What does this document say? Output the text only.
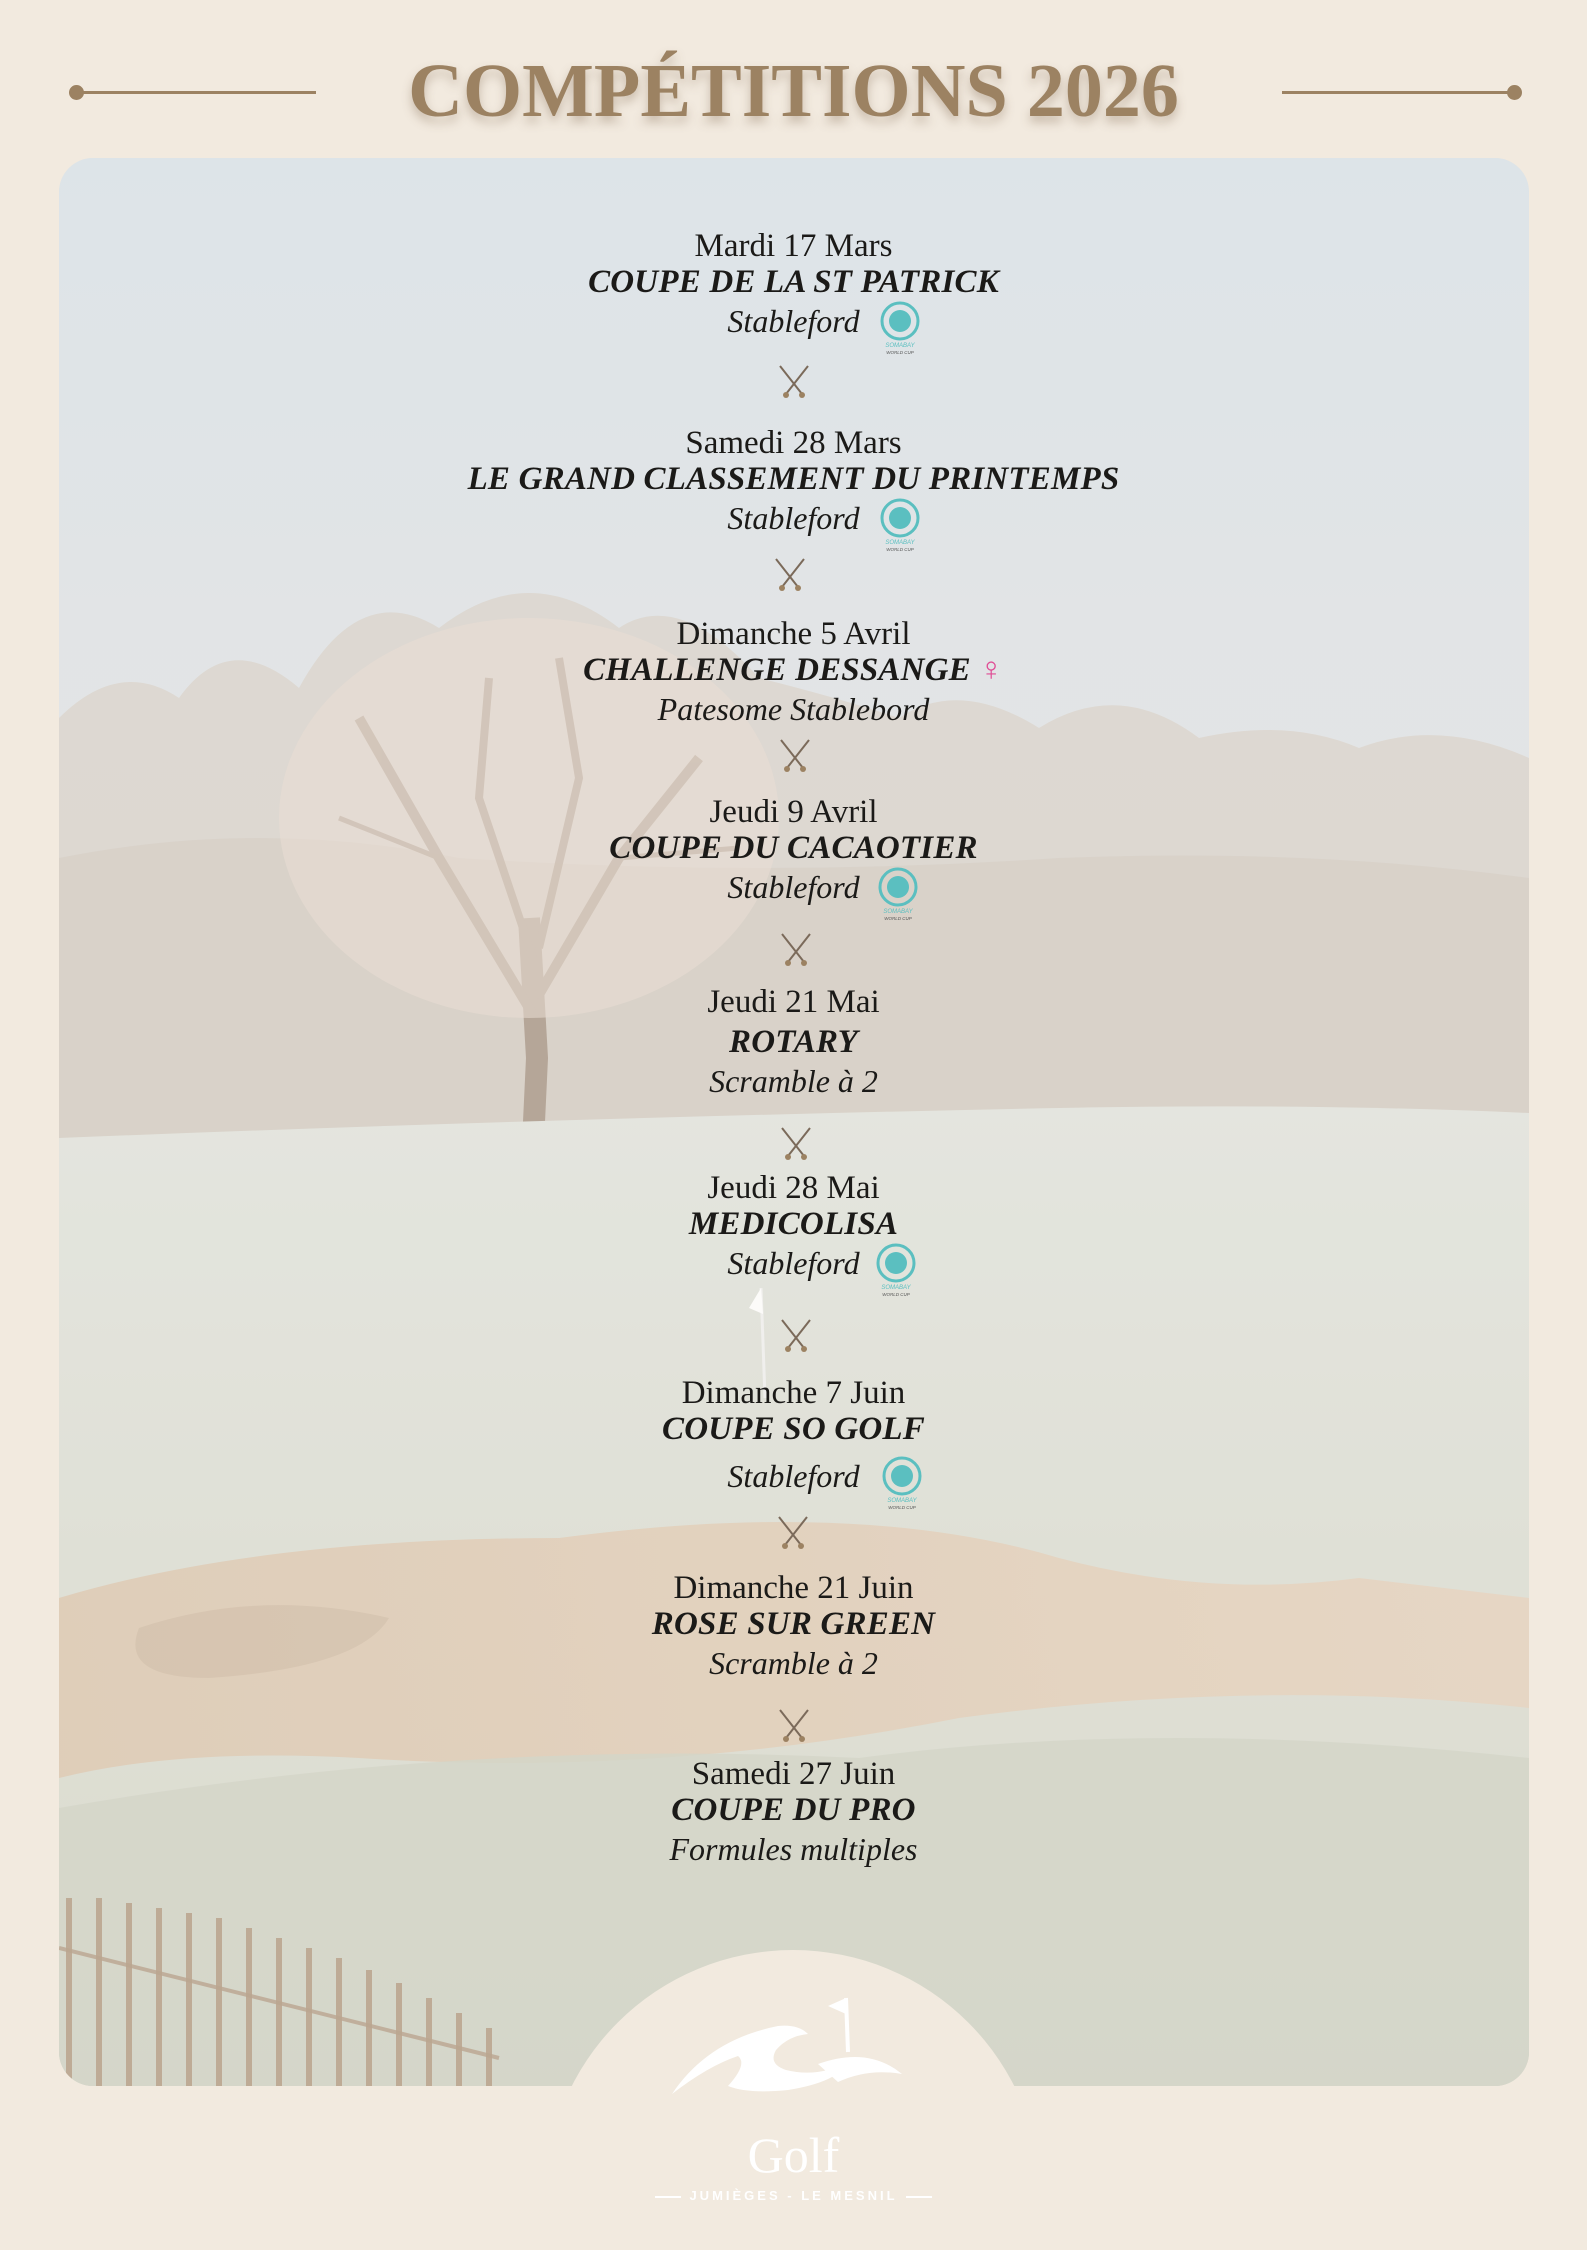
COMPÉTITIONS 2026
Mardi 17 Mars
COUPE DE LA ST PATRICK
Stableford
SOMABAY
WORLD CUP
Samedi 28 Mars
LE GRAND CLASSEMENT DU PRINTEMPS
Stableford
SOMABAY
WORLD CUP
Dimanche 5 Avril
CHALLENGE DESSANGE ♀
Patesome Stablebord
Jeudi 9 Avril
COUPE DU CACAOTIER
Stableford
SOMABAY
WORLD CUP
Jeudi 21 Mai
ROTARY
Scramble à 2
Jeudi 28 Mai
MEDICOLISA
Stableford
SOMABAY
WORLD CUP
Dimanche 7 Juin
COUPE SO GOLF
Stableford
SOMABAY
WORLD CUP
Dimanche 21 Juin
ROSE SUR GREEN
Scramble à 2
Samedi 27 Juin
COUPE DU PRO
Formules multiples
Golf
JUMIÈGES - LE MESNIL
